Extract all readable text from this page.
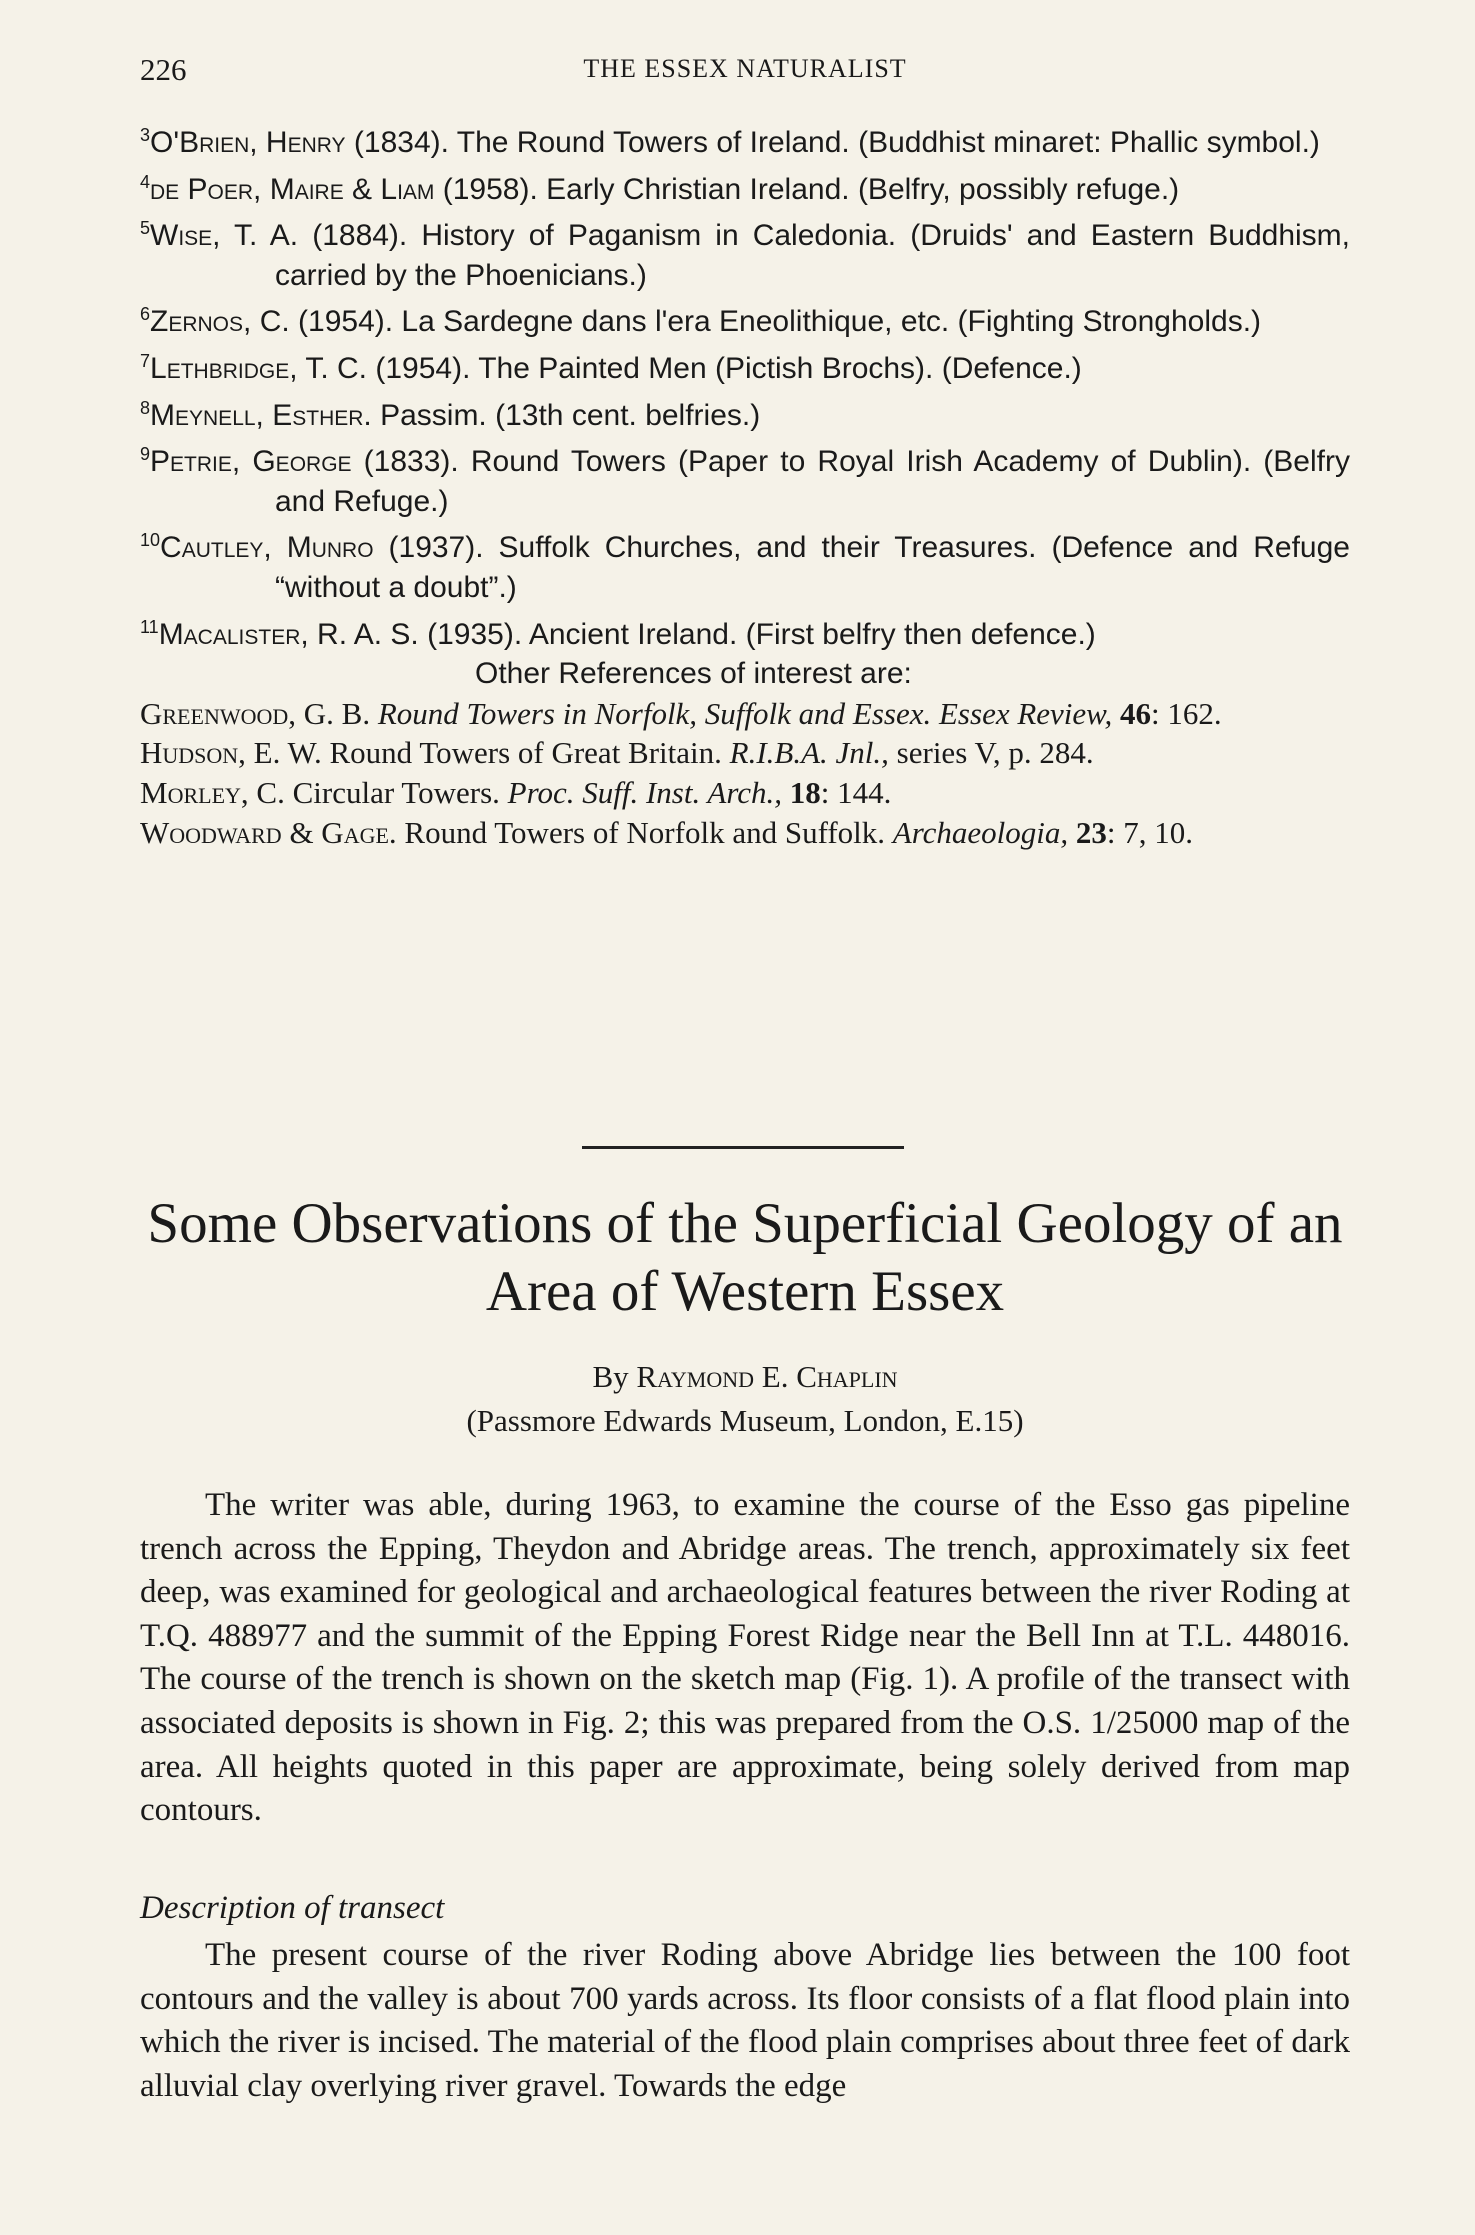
226	THE ESSEX NATURALIST
$^3$O'Brien, Henry (1834). The Round Towers of Ireland. (Buddhist minaret: Phallic symbol.)
$^4$de Poer, Maire & Liam (1958). Early Christian Ireland. (Belfry, possibly refuge.)
$^5$Wise, T. A. (1884). History of Paganism in Caledonia. (Druids' and Eastern Buddhism, carried by the Phoenicians.)
$^6$Zernos, C. (1954). La Sardegne dans l'era Eneolithique, etc. (Fighting Strongholds.)
$^7$Lethbridge, T. C. (1954). The Painted Men (Pictish Brochs). (Defence.)
$^8$Meynell, Esther. Passim. (13th cent. belfries.)
$^9$Petrie, George (1833). Round Towers (Paper to Royal Irish Academy of Dublin). (Belfry and Refuge.)
$^{10}$Cautley, Munro (1937). Suffolk Churches, and their Treasures. (Defence and Refuge “without a doubt”.)
$^{11}$Macalister, R. A. S. (1935). Ancient Ireland. (First belfry then defence.)
Other References of interest are:
Greenwood, G. B. Round Towers in Norfolk, Suffolk and Essex. Essex Review, 46: 162.
Hudson, E. W. Round Towers of Great Britain. R.I.B.A. Jnl., series V, p. 284.
Morley, C. Circular Towers. Proc. Suff. Inst. Arch., 18: 144.
Woodward & Gage. Round Towers of Norfolk and Suffolk. Archaeologia, 23: 7, 10.
Some Observations of the Superficial Geology of an Area of Western Essex
By Raymond E. Chaplin
(Passmore Edwards Museum, London, E.15)

The writer was able, during 1963, to examine the course of the Esso gas pipeline trench across the Epping, Theydon and Abridge areas. The trench, approximately six feet deep, was examined for geological and archaeological features between the river Roding at T.Q. 488977 and the summit of the Epping Forest Ridge near the Bell Inn at T.L. 448016. The course of the trench is shown on the sketch map (Fig. 1). A profile of the transect with associated deposits is shown in Fig. 2; this was prepared from the O.S. 1/25000 map of the area. All heights quoted in this paper are approximate, being solely derived from map contours.

Description of transect

The present course of the river Roding above Abridge lies between the 100 foot contours and the valley is about 700 yards across. Its floor consists of a flat flood plain into which the river is incised. The material of the flood plain comprises about three feet of dark alluvial clay overlying river gravel. Towards the edge
